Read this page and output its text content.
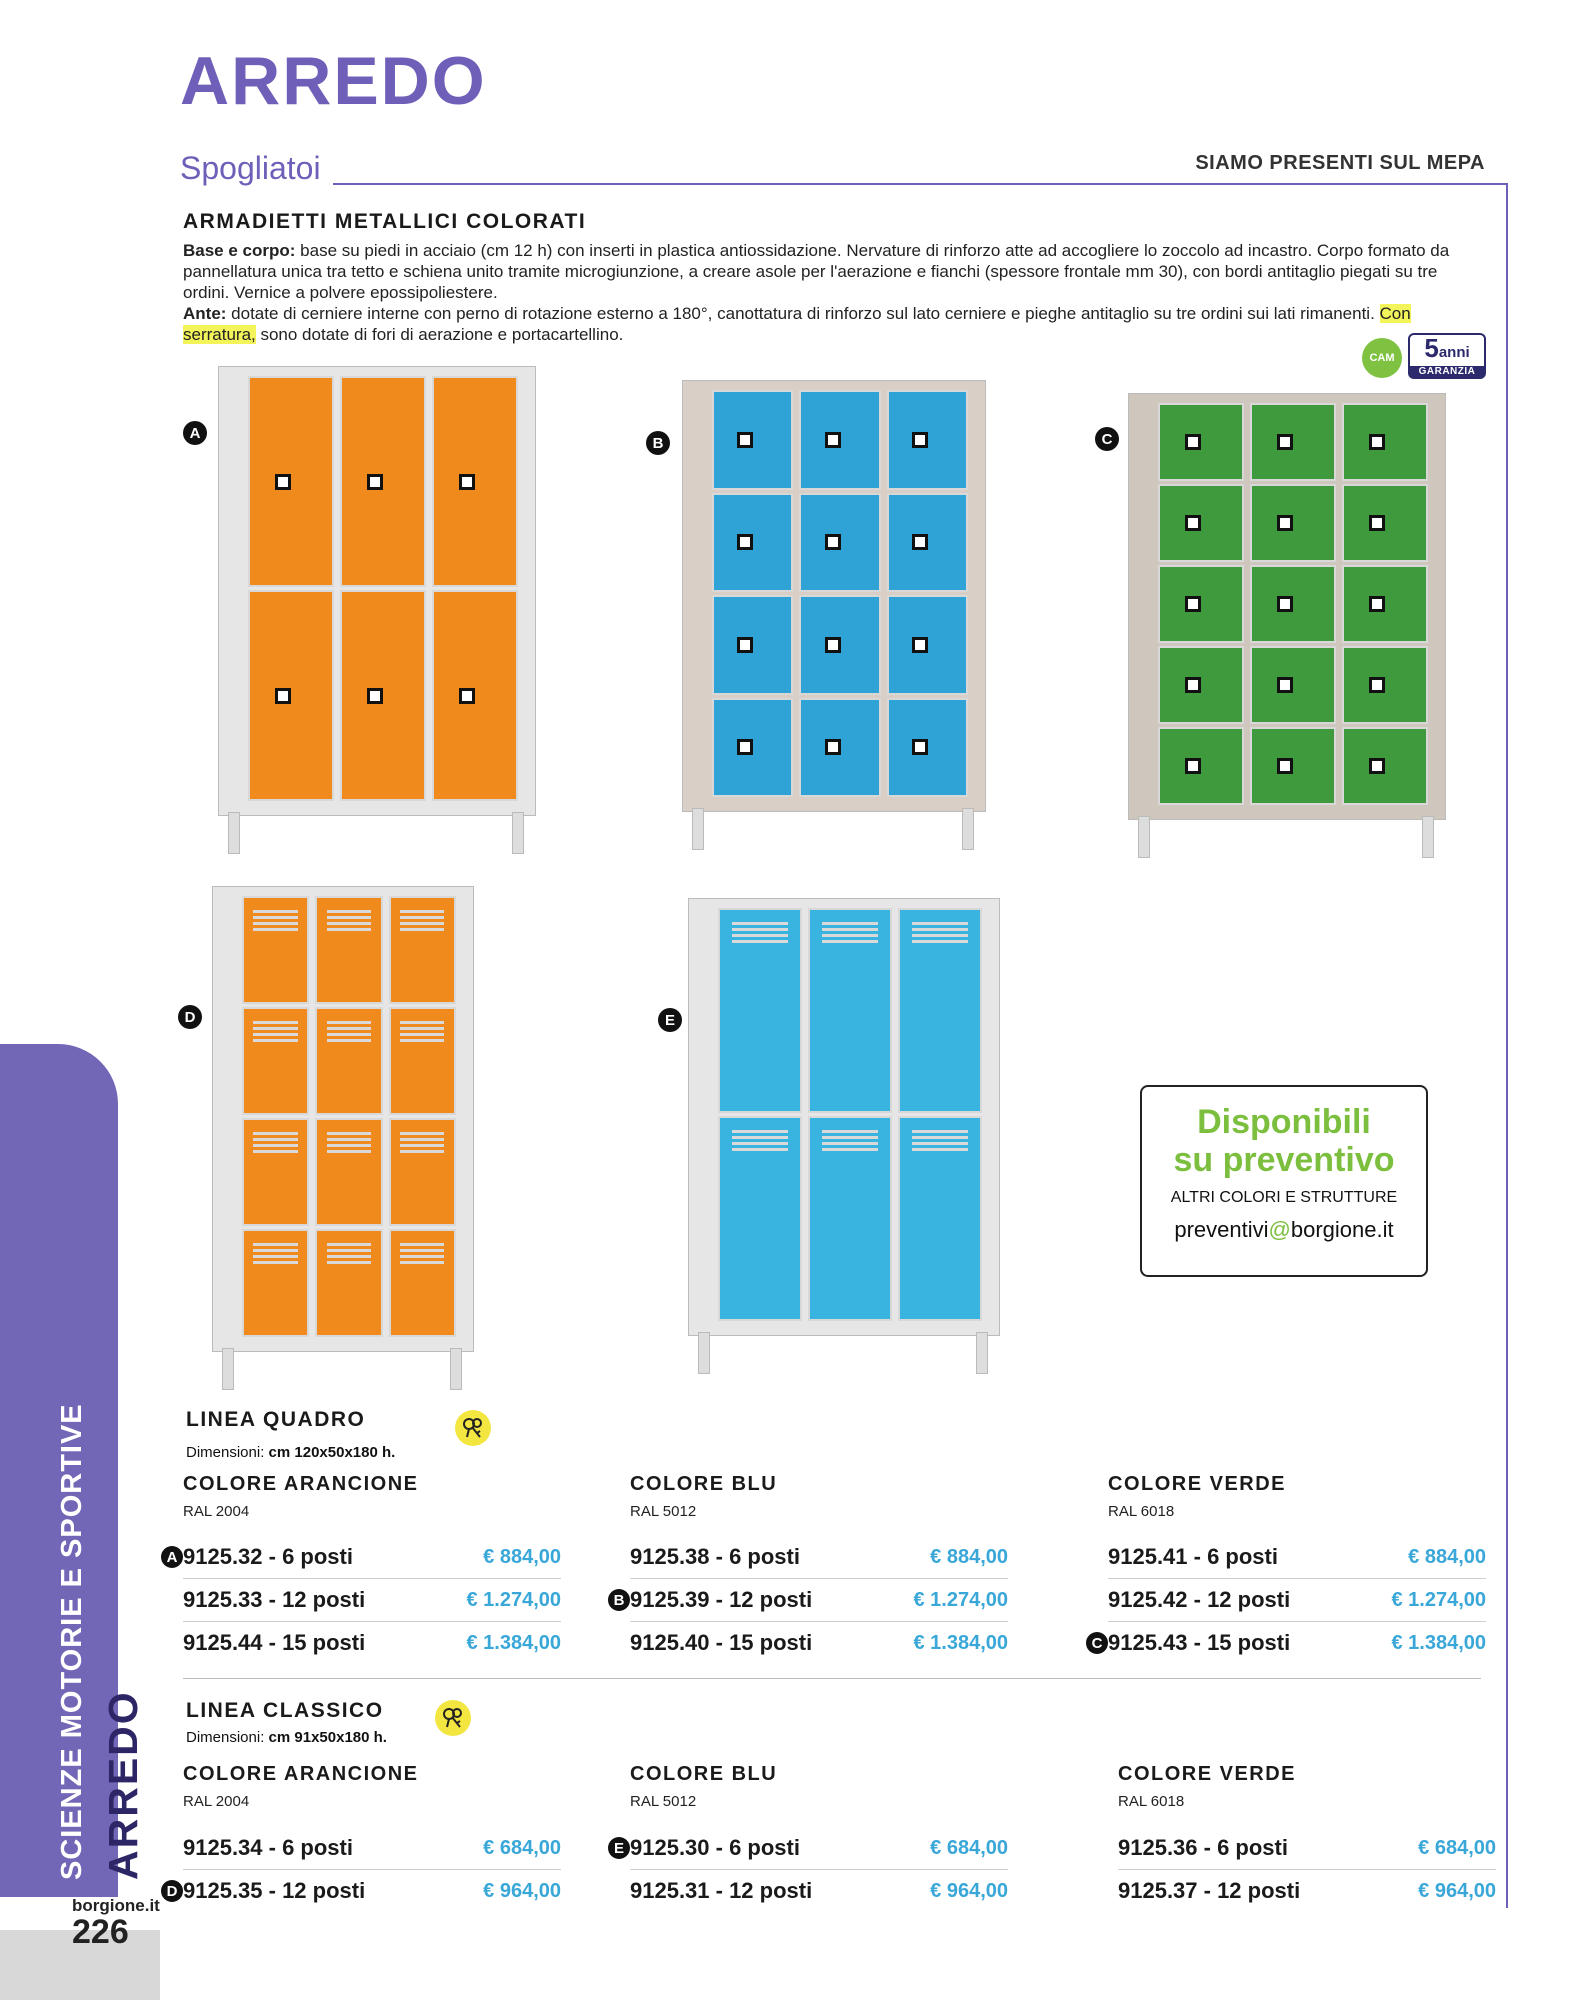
ARREDO
Spogliatoi	SIAMO PRESENTI SUL MEPA
ARMADIETTI METALLICI COLORATI
Base e corpo: base su piedi in acciaio (cm 12 h) con inserti in plastica antiossidazione. Nervature di rinforzo atte ad accogliere lo zoccolo ad incastro. Corpo formato da pannellatura unica tra tetto e schiena unito tramite microgiunzione, a creare asole per l'aerazione e fianchi (spessore frontale mm 30), con bordi antitaglio piegati su tre ordini. Vernice a polvere epossipoliestere.
Ante: dotate di cerniere interne con perno di rotazione esterno a 180°, canottatura di rinforzo sul lato cerniere e pieghe antitaglio su tre ordini sui lati rimanenti. Con serratura, sono dotate di fori di aerazione e portacartellino.
CAM	5anni
GARANZIA
A
B	C
D	E
Disponibili
su preventivo
ALTRI COLORI E STRUTTURE
preventivi@borgione.it
SCIENZE MOTORIE E SPORTIVE ARREDO
borgione.it
226
LINEA QUADRO
Dimensioni: cm 120x50x180 h.
COLORE ARANCIONE
RAL 2004
A 9125.32 - 6 posti	€ 884,00
9125.33 - 12 posti	€ 1.274,00
9125.44 - 15 posti	€ 1.384,00
COLORE BLU
RAL 5012
9125.38 - 6 posti	€ 884,00
B 9125.39 - 12 posti	€ 1.274,00
9125.40 - 15 posti	€ 1.384,00
COLORE VERDE
RAL 6018
9125.41 - 6 posti	€ 884,00
9125.42 - 12 posti	€ 1.274,00
C 9125.43 - 15 posti	€ 1.384,00
LINEA CLASSICO
Dimensioni: cm 91x50x180 h.
COLORE ARANCIONE
RAL 2004
9125.34 - 6 posti	€ 684,00
D 9125.35 - 12 posti	€ 964,00
COLORE BLU
RAL 5012
E 9125.30 - 6 posti	€ 684,00
9125.31 - 12 posti	€ 964,00
COLORE VERDE
RAL 6018
9125.36 - 6 posti	€ 684,00
9125.37 - 12 posti	€ 964,00
